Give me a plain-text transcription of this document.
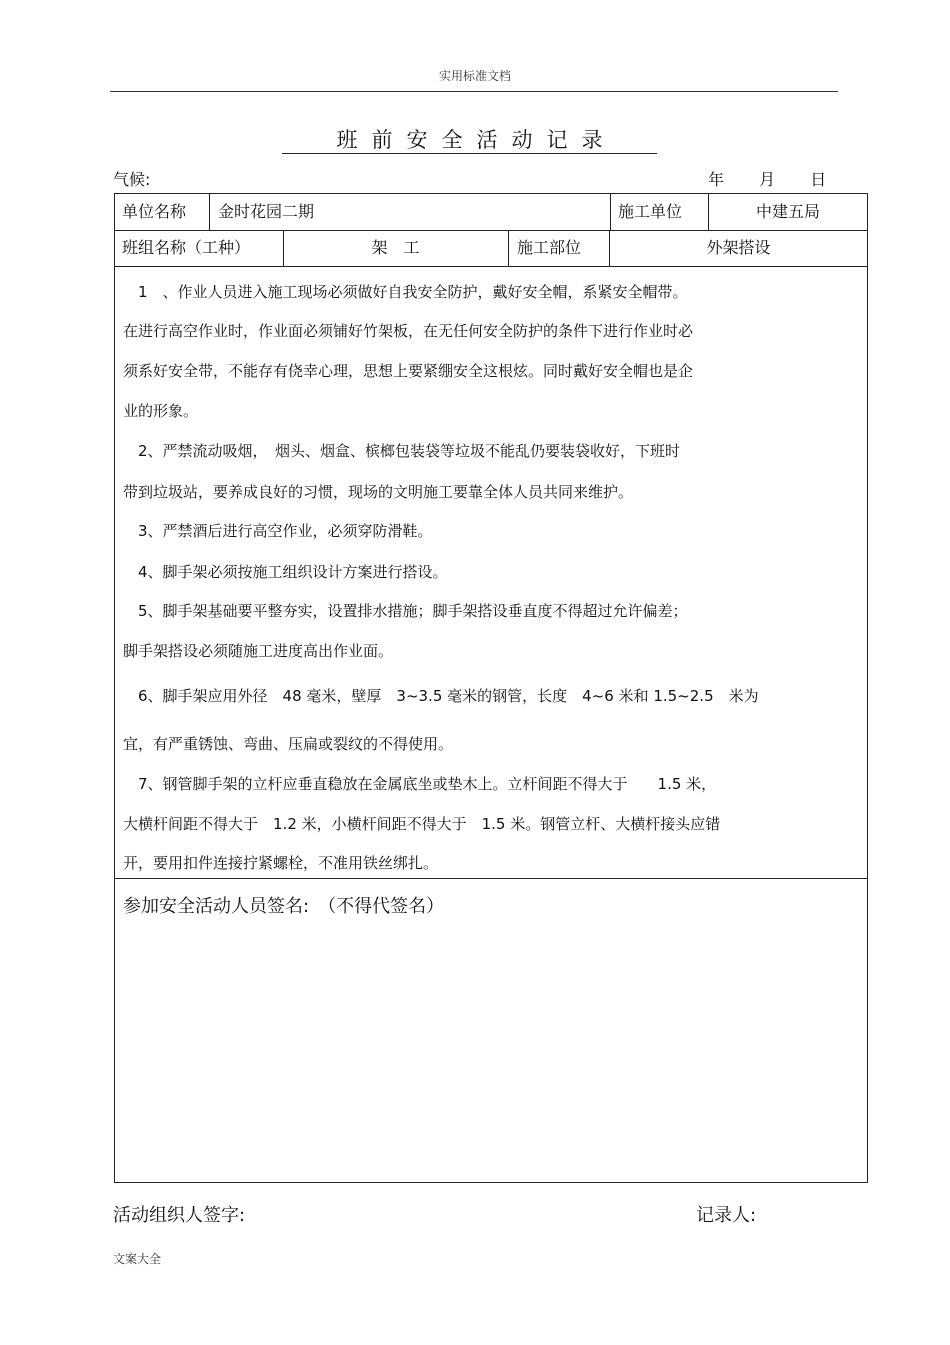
实用标准文档
班前安全活动记录
气候:	年 月 日
单位名称 金时花园二期	施工单位	中建五局
班组名称（工种）	架　工	施工部位	外架搭设
　1　、作业人员进入施工现场必须做好自我安全防护，戴好安全帽，系紧安全帽带。
在进行高空作业时，作业面必须铺好竹架板，在无任何安全防护的条件下进行作业时必
须系好安全带，不能存有侥幸心理，思想上要紧绷安全这根炫。同时戴好安全帽也是企
业的形象。
　2、严禁流动吸烟，　烟头、烟盒、槟榔包装袋等垃圾不能乱仍要装袋收好，下班时
带到垃圾站，要养成良好的习惯，现场的文明施工要靠全体人员共同来维护。
　3、严禁酒后进行高空作业，必须穿防滑鞋。
　4、脚手架必须按施工组织设计方案进行搭设。
　5、脚手架基础要平整夯实，设置排水措施；脚手架搭设垂直度不得超过允许偏差；
脚手架搭设必须随施工进度高出作业面。
　6、脚手架应用外径　48 毫米，壁厚　3~3.5 毫米的钢管，长度　4~6 米和 1.5~2.5　米为
宜，有严重锈蚀、弯曲、压扁或裂纹的不得使用。
　7、钢管脚手架的立杆应垂直稳放在金属底坐或垫木上。立杆间距不得大于　　1.5 米，
大横杆间距不得大于　1.2 米，小横杆间距不得大于　1.5 米。钢管立杆、大横杆接头应错
开，要用扣件连接拧紧螺栓，不准用铁丝绑扎。
参加安全活动人员签名:　（不得代签名）
活动组织人签字:	记录人:
文案大全
